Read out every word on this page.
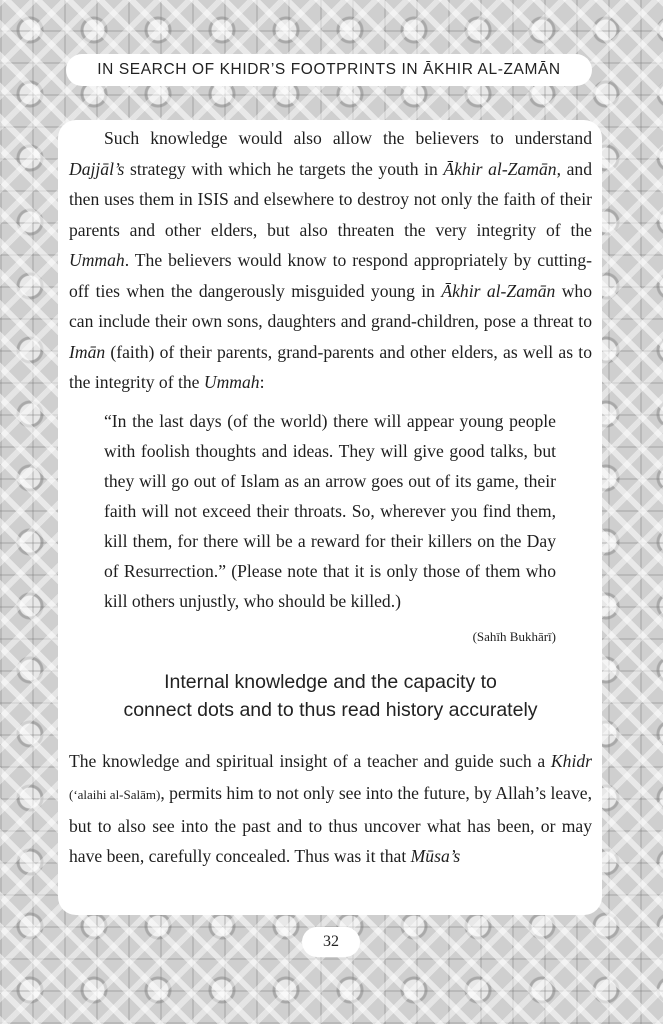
IN SEARCH OF KHIDR’S FOOTPRINTS IN ĀKHIR AL-ZAMĀN

Such knowledge would also allow the believers to understand Dajjāl’s strategy with which he targets the youth in Ākhir al-Zamān, and then uses them in ISIS and elsewhere to destroy not only the faith of their parents and other elders, but also threaten the very integrity of the Ummah. The believers would know to respond appropriately by cutting-off ties when the dangerously misguided young in Ākhir al-Zamān who can include their own sons, daughters and grand-children, pose a threat to Imān (faith) of their parents, grand-parents and other elders, as well as to the integrity of the Ummah:

“In the last days (of the world) there will appear young people with foolish thoughts and ideas. They will give good talks, but they will go out of Islam as an arrow goes out of its game, their faith will not exceed their throats. So, wherever you find them, kill them, for there will be a reward for their killers on the Day of Resurrection.” (Please note that it is only those of them who kill others unjustly, who should be killed.)

(Sahīh Bukhārī)

Internal knowledge and the capacity to
connect dots and to thus read history accurately

The knowledge and spiritual insight of a teacher and guide such a Khidr (‘alaihi al-Salām), permits him to not only see into the future, by Allah’s leave, but to also see into the past and to thus uncover what has been, or may have been, carefully concealed. Thus was it that Mūsa’s

32
